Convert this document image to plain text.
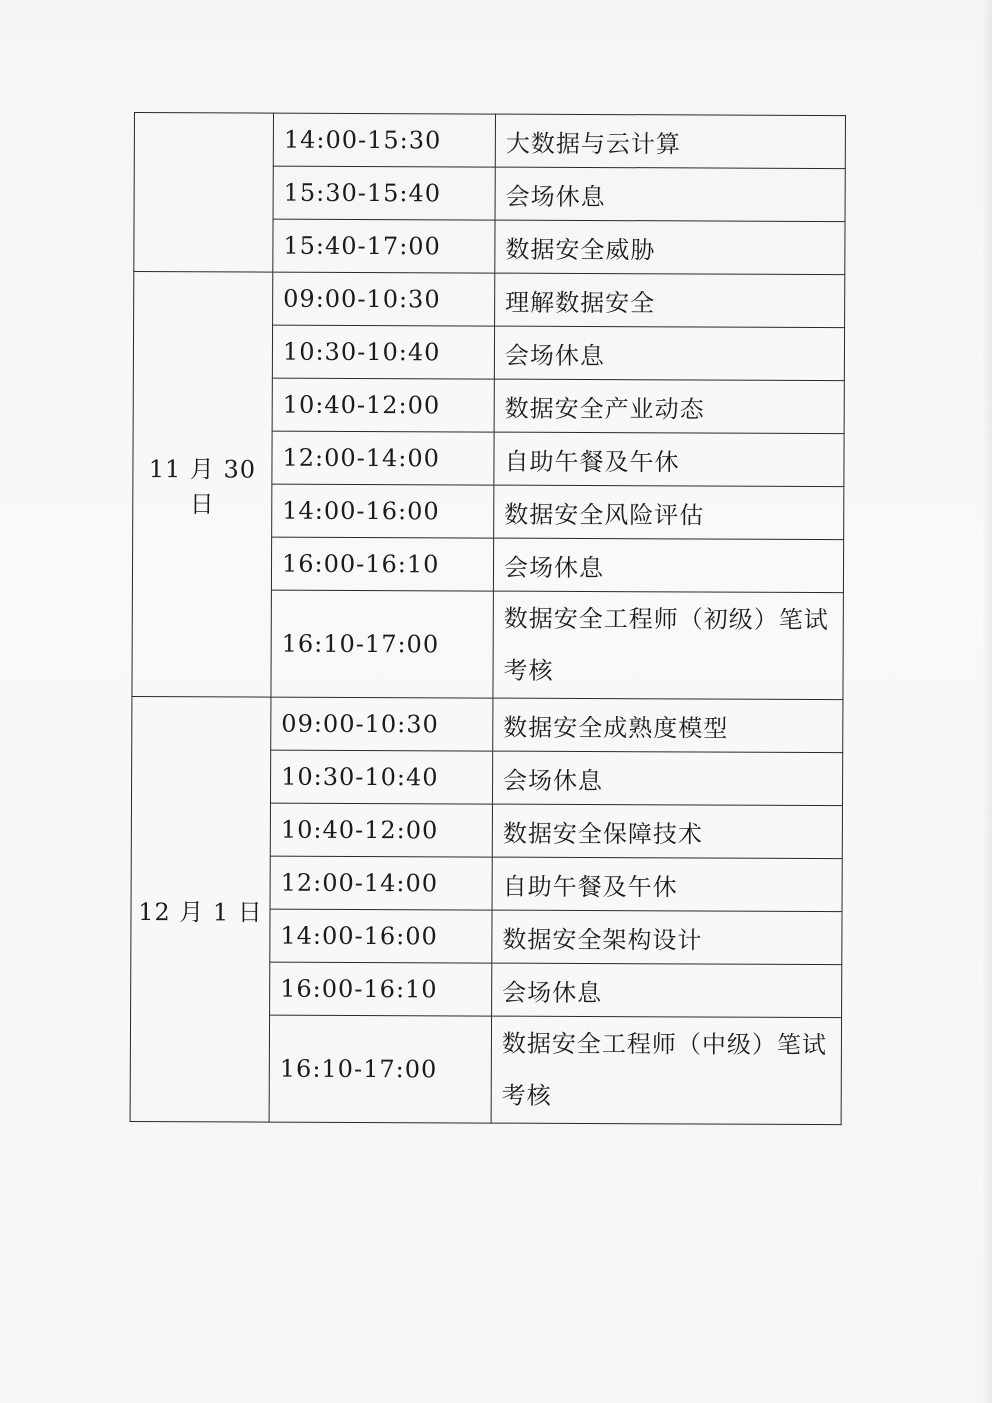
	14:00-15:30	大数据与云计算
	15:30-15:40	会场休息
	15:40-17:00	数据安全威胁
11 月 30 日	09:00-10:30	理解数据安全
	10:30-10:40	会场休息
	10:40-12:00	数据安全产业动态
	12:00-14:00	自助午餐及午休
	14:00-16:00	数据安全风险评估
	16:00-16:10	会场休息
	16:10-17:00	数据安全工程师（初级）笔试考核
12 月 1 日	09:00-10:30	数据安全成熟度模型
	10:30-10:40	会场休息
	10:40-12:00	数据安全保障技术
	12:00-14:00	自助午餐及午休
	14:00-16:00	数据安全架构设计
	16:00-16:10	会场休息
	16:10-17:00	数据安全工程师（中级）笔试考核
